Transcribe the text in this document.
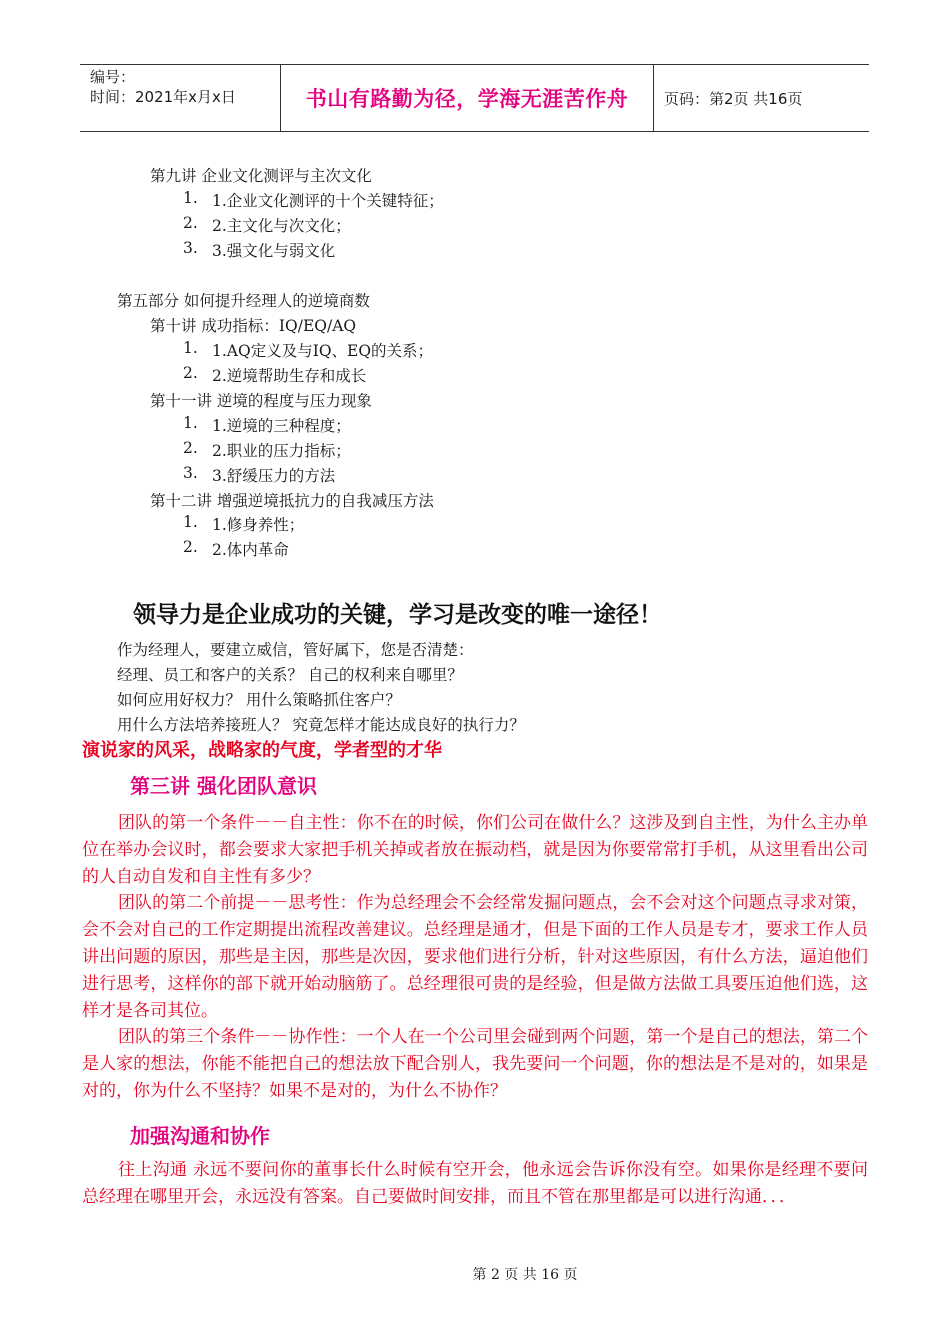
编号：
时间：2021年x月x日	书山有路勤为径，学海无涯苦作舟	页码：第2页 共16页
第九讲 企业文化测评与主次文化
1. 1.企业文化测评的十个关键特征；
2. 2.主文化与次文化；
3. 3.强文化与弱文化
第五部分 如何提升经理人的逆境商数
第十讲 成功指标：IQ/EQ/AQ
1. 1.AQ定义及与IQ、EQ的关系；
2. 2.逆境帮助生存和成长
第十一讲 逆境的程度与压力现象
1. 1.逆境的三种程度；
2. 2.职业的压力指标；
3. 3.舒缓压力的方法
第十二讲 增强逆境抵抗力的自我减压方法
1. 1.修身养性；
2. 2.体内革命
领导力是企业成功的关键，学习是改变的唯一途径！
作为经理人，要建立威信，管好属下，您是否清楚：
经理、员工和客户的关系？ 自己的权利来自哪里？
如何应用好权力？ 用什么策略抓住客户？
用什么方法培养接班人？ 究竟怎样才能达成良好的执行力？
演说家的风采，战略家的气度，学者型的才华
第三讲 强化团队意识

团队的第一个条件－－自主性：你不在的时候，你们公司在做什么？这涉及到自主性，为什么主办单位在举办会议时，都会要求大家把手机关掉或者放在振动档，就是因为你要常常打手机，从这里看出公司的人自动自发和自主性有多少？

团队的第二个前提－－思考性：作为总经理会不会经常发掘问题点，会不会对这个问题点寻求对策，会不会对自己的工作定期提出流程改善建议。总经理是通才，但是下面的工作人员是专才，要求工作人员讲出问题的原因，那些是主因，那些是次因，要求他们进行分析，针对这些原因，有什么方法，逼迫他们进行思考，这样你的部下就开始动脑筋了。总经理很可贵的是经验，但是做方法做工具要压迫他们选，这样才是各司其位。

团队的第三个条件－－协作性：一个人在一个公司里会碰到两个问题，第一个是自己的想法，第二个是人家的想法，你能不能把自己的想法放下配合别人，我先要问一个问题，你的想法是不是对的，如果是对的，你为什么不坚持？如果不是对的，为什么不协作？

加强沟通和协作

往上沟通 永远不要问你的董事长什么时候有空开会，他永远会告诉你没有空。如果你是经理不要问总经理在哪里开会，永远没有答案。自己要做时间安排，而且不管在那里都是可以进行沟通．．．

第 2 页 共 16 页
